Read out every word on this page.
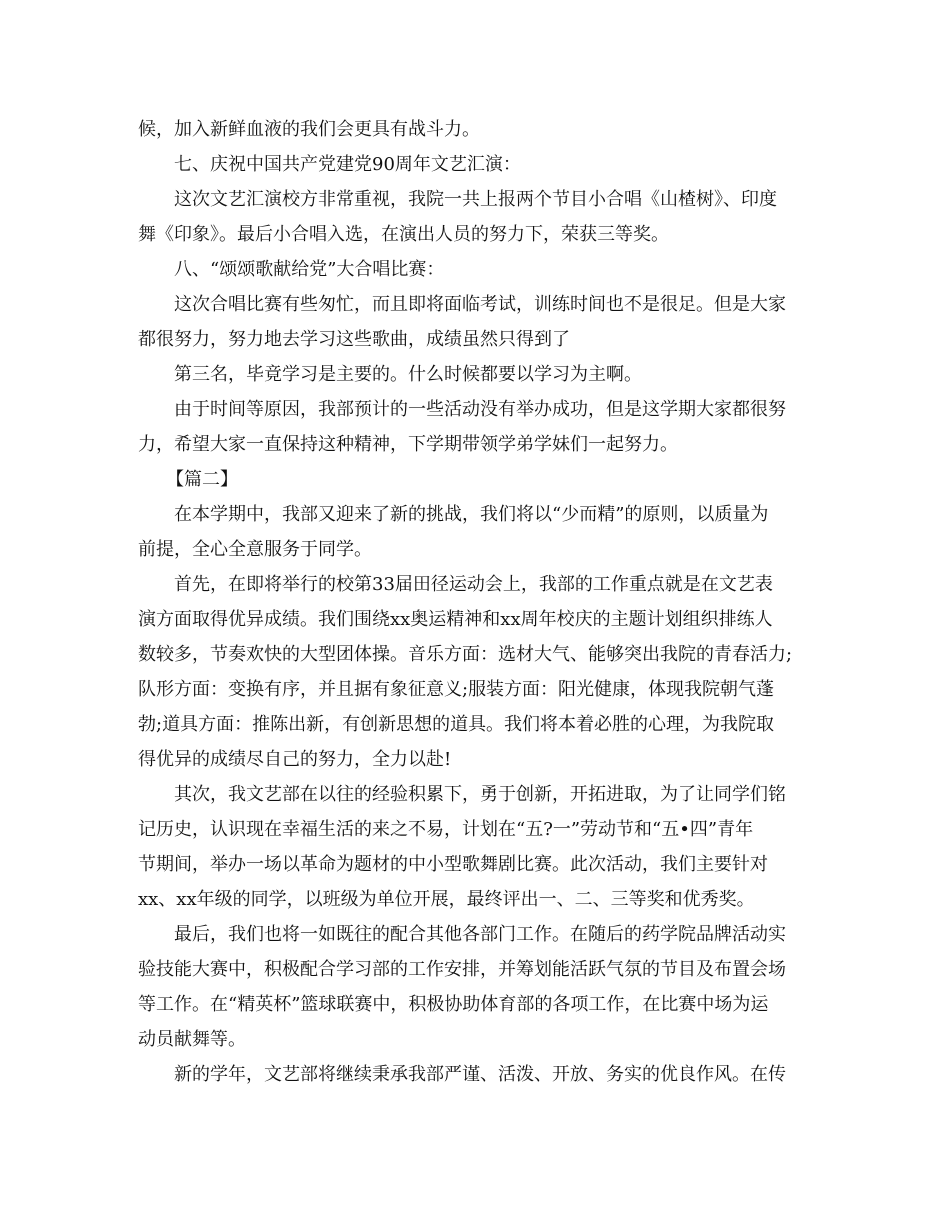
候，加入新鲜血液的我们会更具有战斗力。
七、庆祝中国共产党建党90周年文艺汇演：
这次文艺汇演校方非常重视，我院一共上报两个节目小合唱《山楂树》、印度
舞《印象》。最后小合唱入选，在演出人员的努力下，荣获三等奖。
八、“颂颂歌献给党”大合唱比赛：
这次合唱比赛有些匆忙，而且即将面临考试，训练时间也不是很足。但是大家
都很努力，努力地去学习这些歌曲，成绩虽然只得到了
第三名，毕竟学习是主要的。什么时候都要以学习为主啊。
由于时间等原因，我部预计的一些活动没有举办成功，但是这学期大家都很努
力，希望大家一直保持这种精神，下学期带领学弟学妹们一起努力。
【篇二】
在本学期中，我部又迎来了新的挑战，我们将以“少而精”的原则，以质量为
前提，全心全意服务于同学。
首先，在即将举行的校第33届田径运动会上，我部的工作重点就是在文艺表
演方面取得优异成绩。我们围绕xx奥运精神和xx周年校庆的主题计划组织排练人
数较多，节奏欢快的大型团体操。音乐方面：选材大气、能够突出我院的青春活力;
队形方面：变换有序，并且据有象征意义;服装方面：阳光健康，体现我院朝气蓬
勃;道具方面：推陈出新，有创新思想的道具。我们将本着必胜的心理，为我院取
得优异的成绩尽自己的努力，全力以赴!
其次，我文艺部在以往的经验积累下，勇于创新，开拓进取，为了让同学们铭
记历史，认识现在幸福生活的来之不易，计划在“五?一”劳动节和“五•四”青年
节期间，举办一场以革命为题材的中小型歌舞剧比赛。此次活动，我们主要针对
xx、xx年级的同学，以班级为单位开展，最终评出一、二、三等奖和优秀奖。
最后，我们也将一如既往的配合其他各部门工作。在随后的药学院品牌活动实
验技能大赛中，积极配合学习部的工作安排，并筹划能活跃气氛的节目及布置会场
等工作。在“精英杯”篮球联赛中，积极协助体育部的各项工作，在比赛中场为运
动员献舞等。
新的学年，文艺部将继续秉承我部严谨、活泼、开放、务实的优良作风。在传
